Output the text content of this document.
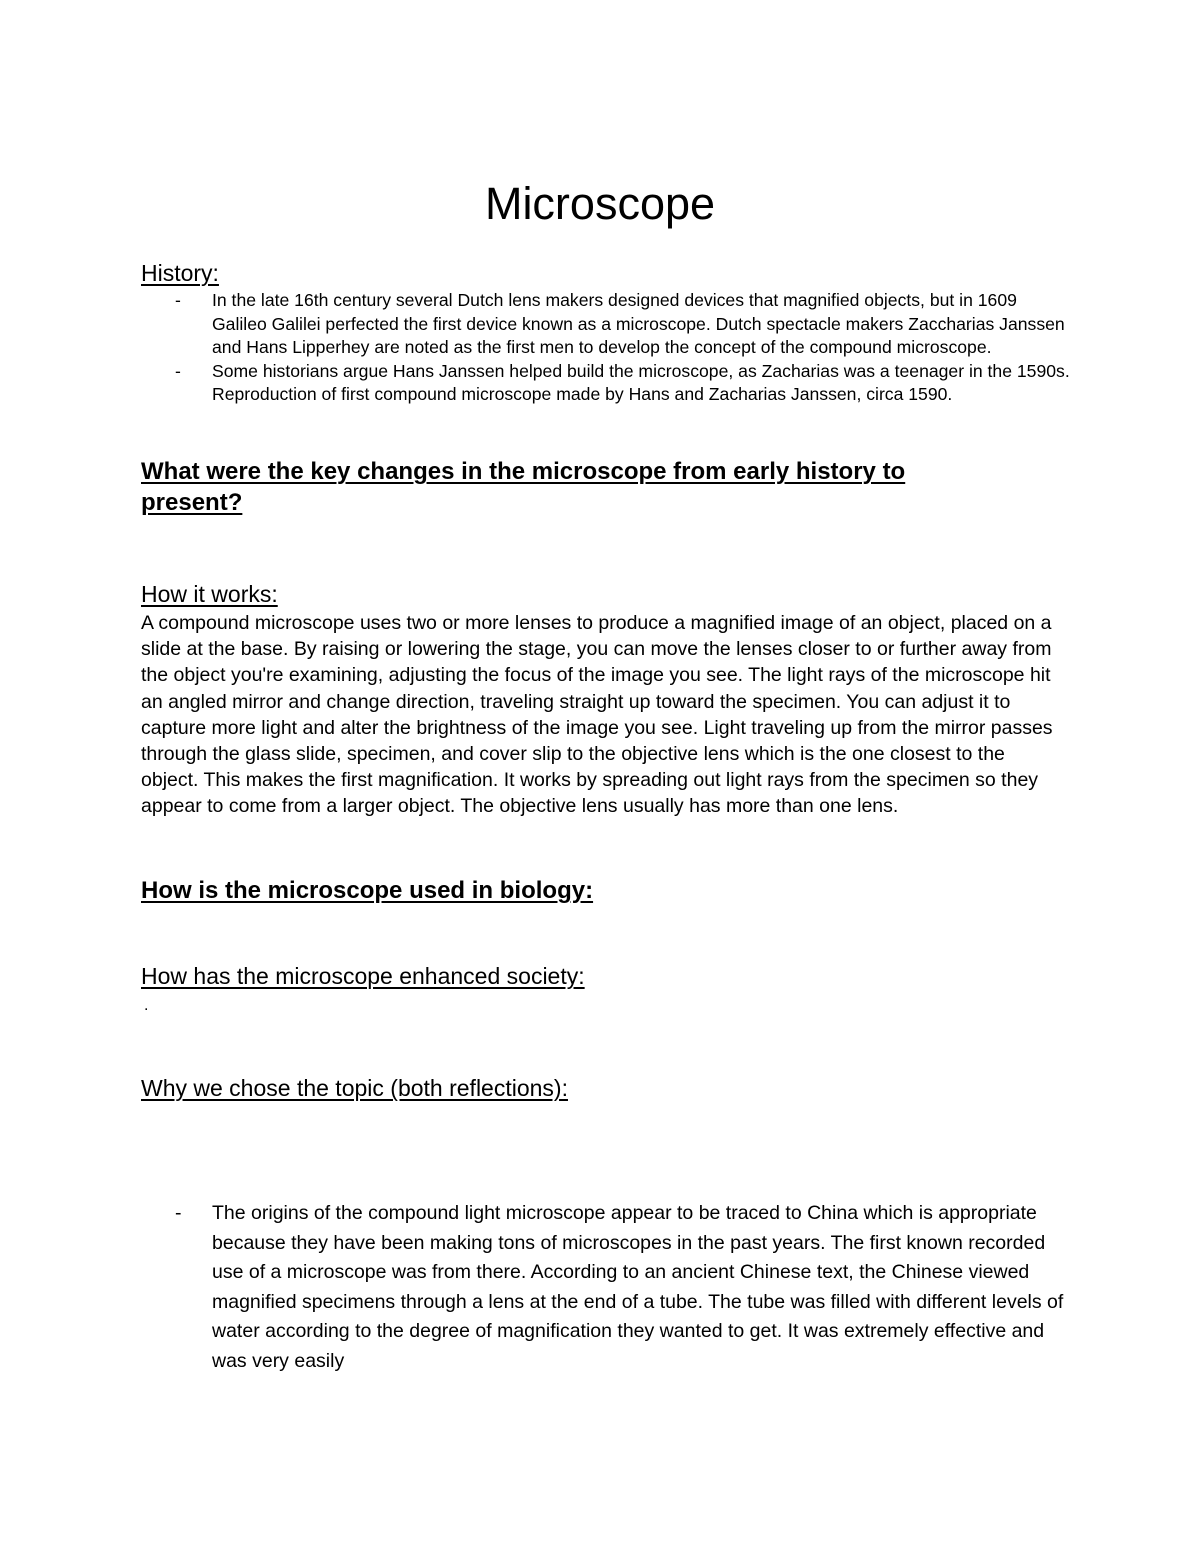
Microscope
History:
- In the late 16th century several Dutch lens makers designed devices that magnified objects, but in 1609 Galileo Galilei perfected the first device known as a microscope. Dutch spectacle makers Zaccharias Janssen and Hans Lipperhey are noted as the first men to develop the concept of the compound microscope.
- Some historians argue Hans Janssen helped build the microscope, as Zacharias was a teenager in the 1590s. Reproduction of first compound microscope made by Hans and Zacharias Janssen, circa 1590.
What were the key changes in the microscope from early history to present?
How it works:

A compound microscope uses two or more lenses to produce a magnified image of an object, placed on a slide at the base. By raising or lowering the stage, you can move the lenses closer to or further away from the object you're examining, adjusting the focus of the image you see. The light rays of the microscope hit an angled mirror and change direction, traveling straight up toward the specimen. You can adjust it to capture more light and alter the brightness of the image you see. Light traveling up from the mirror passes through the glass slide, specimen, and cover slip to the objective lens which is the one closest to the object. This makes the first magnification. It works by spreading out light rays from the specimen so they appear to come from a larger object. The objective lens usually has more than one lens.

How is the microscope used in biology:
How has the microscope enhanced society:

.

Why we chose the topic (both reflections):
- The origins of the compound light microscope appear to be traced to China which is appropriate because they have been making tons of microscopes in the past years. The first known recorded use of a microscope was from there. According to an ancient Chinese text, the Chinese viewed magnified specimens through a lens at the end of a tube. The tube was filled with different levels of water according to the degree of magnification they wanted to get. It was extremely effective and was very easily
